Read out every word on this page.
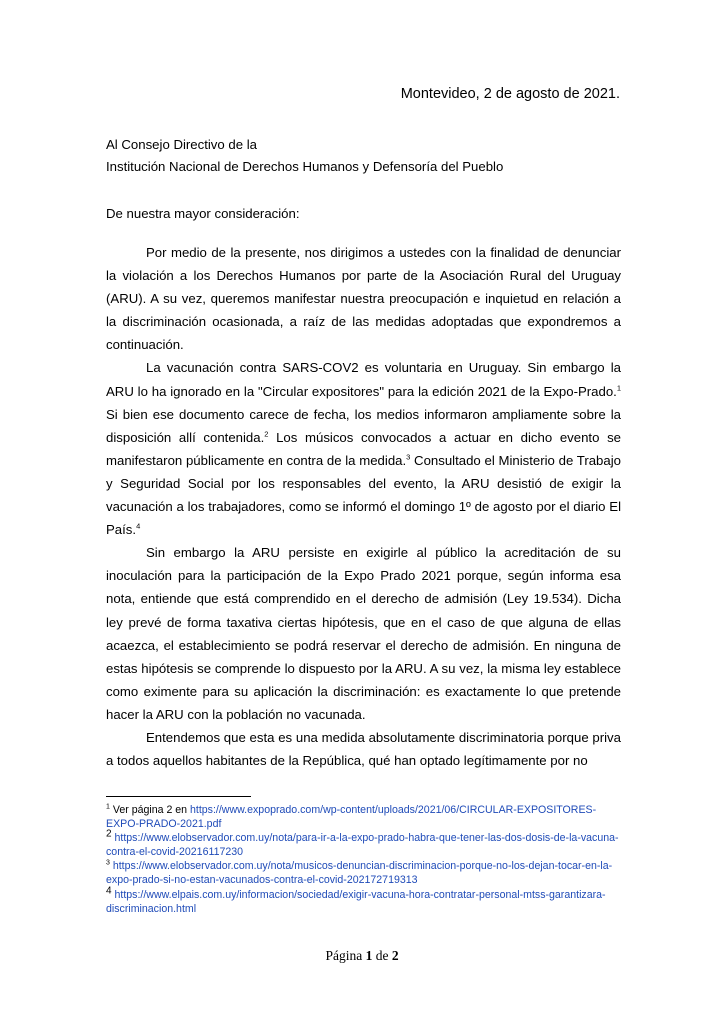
Montevideo, 2 de agosto de 2021.
Al Consejo Directivo de la
Institución Nacional de Derechos Humanos y Defensoría del Pueblo
De nuestra mayor consideración:

Por medio de la presente, nos dirigimos a ustedes con la finalidad de denunciar la violación a los Derechos Humanos por parte de la Asociación Rural del Uruguay (ARU). A su vez, queremos manifestar nuestra preocupación e inquietud en relación a la discriminación ocasionada, a raíz de las medidas adoptadas que expondremos a continuación.

La vacunación contra SARS-COV2 es voluntaria en Uruguay. Sin embargo la ARU lo ha ignorado en la "Circular expositores" para la edición 2021 de la Expo-Prado.$^1$ Si bien ese documento carece de fecha, los medios informaron ampliamente sobre la disposición allí contenida.$^2$ Los músicos convocados a actuar en dicho evento se manifestaron públicamente en contra de la medida.$^3$ Consultado el Ministerio de Trabajo y Seguridad Social por los responsables del evento, la ARU desistió de exigir la vacunación a los trabajadores, como se informó el domingo 1º de agosto por el diario El País.$^4$

Sin embargo la ARU persiste en exigirle al público la acreditación de su inoculación para la participación de la Expo Prado 2021 porque, según informa esa nota, entiende que está comprendido en el derecho de admisión (Ley 19.534). Dicha ley prevé de forma taxativa ciertas hipótesis, que en el caso de que alguna de ellas acaezca, el establecimiento se podrá reservar el derecho de admisión. En ninguna de estas hipótesis se comprende lo dispuesto por la ARU. A su vez, la misma ley establece como eximente para su aplicación la discriminación: es exactamente lo que pretende hacer la ARU con la población no vacunada.

Entendemos que esta es una medida absolutamente discriminatoria porque priva a todos aquellos habitantes de la República, qué han optado legítimamente por no

$^1$ Ver página 2 en https://www.expoprado.com/wp-content/uploads/2021/06/CIRCULAR-EXPOSITORES-EXPO-PRADO-2021.pdf

$^2$ https://www.elobservador.com.uy/nota/para-ir-a-la-expo-prado-habra-que-tener-las-dos-dosis-de-la-vacuna-contra-el-covid-20216117230

$^3$ https://www.elobservador.com.uy/nota/musicos-denuncian-discriminacion-porque-no-los-dejan-tocar-en-la-expo-prado-si-no-estan-vacunados-contra-el-covid-202172719313

$^4$ https://www.elpais.com.uy/informacion/sociedad/exigir-vacuna-hora-contratar-personal-mtss-garantizara-discriminacion.html

Página 1 de 2
